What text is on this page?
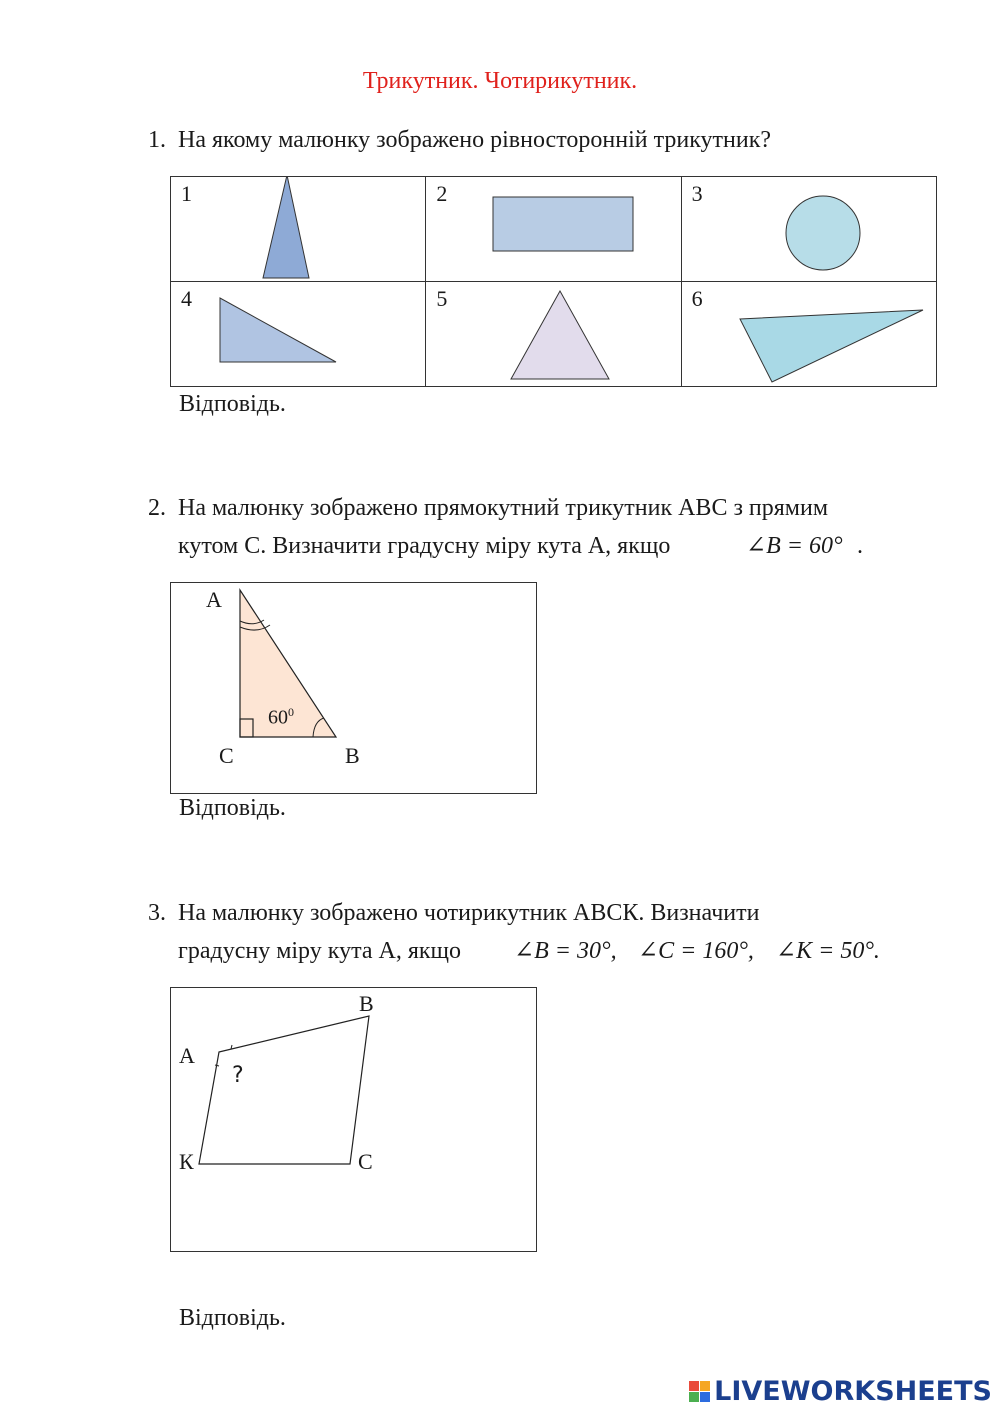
Трикутник. Чотирикутник.
1. На якому малюнку зображено рівносторонній трикутник?
1	2	3

4	5	6
Відповідь.
2. На малюнку зображено прямокутний трикутник АВС з прямим
кутом С. Визначити градусну міру кута А, якщо	∠B = 60° .
А
С	В
$60^0$
Відповідь.
3. На малюнку зображено чотирикутник АВСК. Визначити
градусну міру кута А, якщо ∠B = 30°, ∠C = 160°, ∠K = 50°.
А
В
С
К
?
Відповідь.
LIVEWORKSHEETS
